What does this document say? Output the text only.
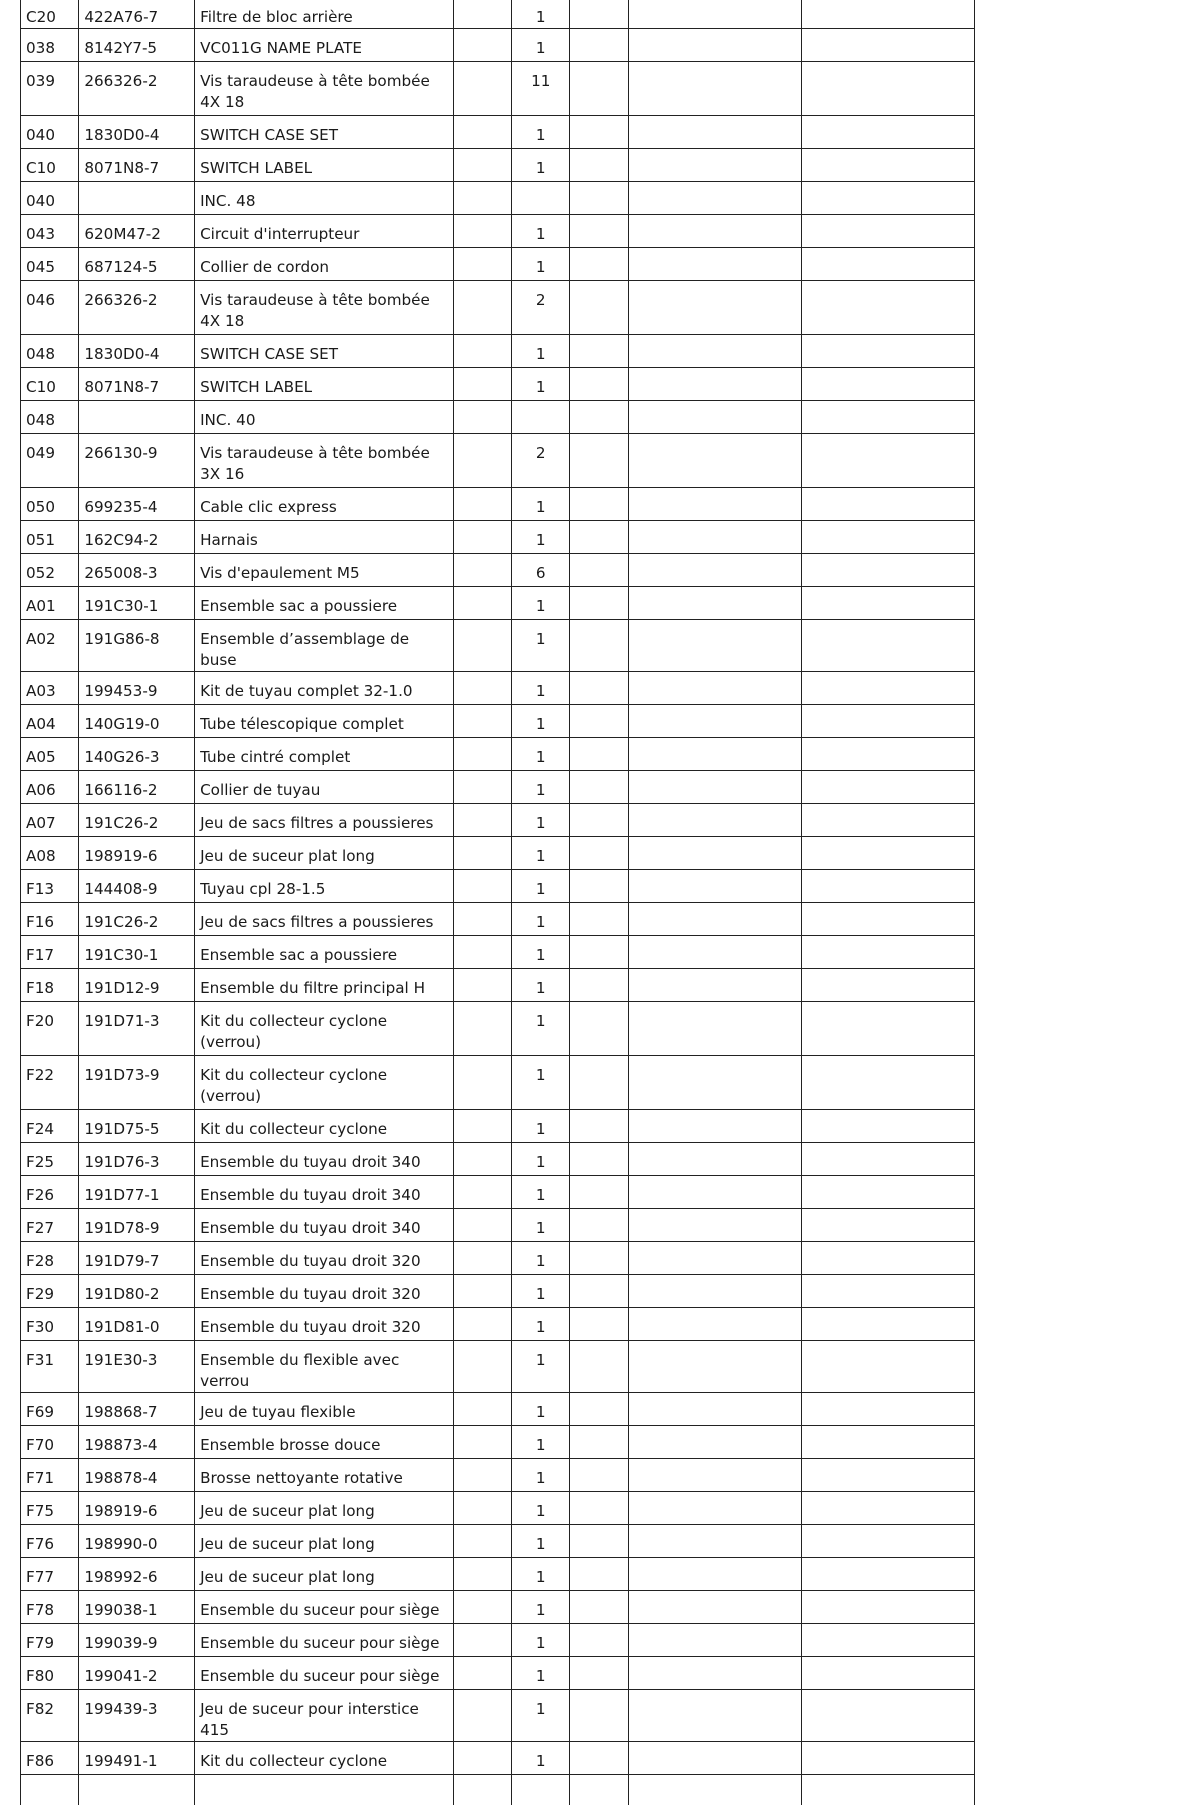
C20	422A76-7	Filtre de bloc arrière		1			
038	8142Y7-5	VC011G NAME PLATE		1			
039	266326-2	Vis taraudeuse à tête bombée 4X 18		11			
040	1830D0-4	SWITCH CASE SET		1			
C10	8071N8-7	SWITCH LABEL		1			
040		INC. 48					
043	620M47-2	Circuit d'interrupteur		1			
045	687124-5	Collier de cordon		1			
046	266326-2	Vis taraudeuse à tête bombée 4X 18		2			
048	1830D0-4	SWITCH CASE SET		1			
C10	8071N8-7	SWITCH LABEL		1			
048		INC. 40					
049	266130-9	Vis taraudeuse à tête bombée 3X 16		2			
050	699235-4	Cable clic express		1			
051	162C94-2	Harnais		1			
052	265008-3	Vis d'epaulement M5		6			
A01	191C30-1	Ensemble sac a poussiere		1			
A02	191G86-8	Ensemble d’assemblage de buse		1			
A03	199453-9	Kit de tuyau complet 32-1.0		1			
A04	140G19-0	Tube télescopique complet		1			
A05	140G26-3	Tube cintré complet		1			
A06	166116-2	Collier de tuyau		1			
A07	191C26-2	Jeu de sacs filtres a poussieres		1			
A08	198919-6	Jeu de suceur plat long		1			
F13	144408-9	Tuyau cpl 28-1.5		1			
F16	191C26-2	Jeu de sacs filtres a poussieres		1			
F17	191C30-1	Ensemble sac a poussiere		1			
F18	191D12-9	Ensemble du filtre principal H		1			
F20	191D71-3	Kit du collecteur cyclone (verrou)		1			
F22	191D73-9	Kit du collecteur cyclone (verrou)		1			
F24	191D75-5	Kit du collecteur cyclone		1			
F25	191D76-3	Ensemble du tuyau droit 340		1			
F26	191D77-1	Ensemble du tuyau droit 340		1			
F27	191D78-9	Ensemble du tuyau droit 340		1			
F28	191D79-7	Ensemble du tuyau droit 320		1			
F29	191D80-2	Ensemble du tuyau droit 320		1			
F30	191D81-0	Ensemble du tuyau droit 320		1			
F31	191E30-3	Ensemble du flexible avec verrou		1			
F69	198868-7	Jeu de tuyau flexible		1			
F70	198873-4	Ensemble brosse douce		1			
F71	198878-4	Brosse nettoyante rotative		1			
F75	198919-6	Jeu de suceur plat long		1			
F76	198990-0	Jeu de suceur plat long		1			
F77	198992-6	Jeu de suceur plat long		1			
F78	199038-1	Ensemble du suceur pour siège		1			
F79	199039-9	Ensemble du suceur pour siège		1			
F80	199041-2	Ensemble du suceur pour siège		1			
F82	199439-3	Jeu de suceur pour interstice 415		1			
F86	199491-1	Kit du collecteur cyclone		1			
